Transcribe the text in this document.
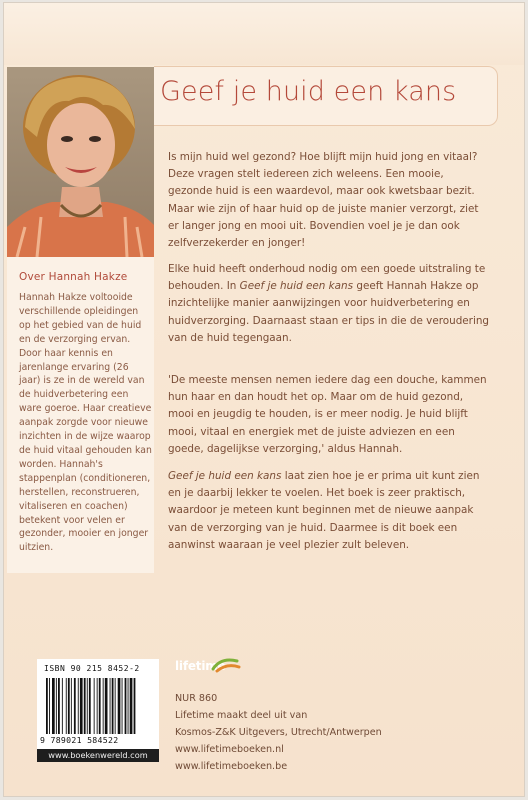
Over Hannah Hakze
Hannah Hakze voltooide verschillende opleidingen op het gebied van de huid en de verzorging ervan. Door haar kennis en jarenlange ervaring (26 jaar) is ze in de wereld van de huidverbetering een ware goeroe. Haar creatieve aanpak zorgde voor nieuwe inzichten in de wijze waarop de huid vitaal gehouden kan worden. Hannah's stappenplan (conditioneren, herstellen, reconstrueren, vitaliseren en coachen) betekent voor velen er gezonder, mooier en jonger uitzien.
Geef je huid een kans
Is mijn huid wel gezond? Hoe blijft mijn huid jong en vitaal? Deze vragen stelt iedereen zich weleens. Een mooie, gezonde huid is een waardevol, maar ook kwetsbaar bezit. Maar wie zijn of haar huid op de juiste manier verzorgt, ziet er langer jong en mooi uit. Bovendien voel je je dan ook zelfverzekerder en jonger!
Elke huid heeft onderhoud nodig om een goede uitstraling te behouden. In Geef je huid een kans geeft Hannah Hakze op inzichtelijke manier aanwijzingen voor huidverbetering en huidverzorging. Daarnaast staan er tips in die de veroudering van de huid tegengaan.
'De meeste mensen nemen iedere dag een douche, kammen hun haar en dan houdt het op. Maar om de huid gezond, mooi en jeugdig te houden, is er meer nodig. Je huid blijft mooi, vitaal en energiek met de juiste adviezen en een goede, dagelijkse verzorging,' aldus Hannah.
Geef je huid een kans laat zien hoe je er prima uit kunt zien en je daarbij lekker te voelen. Het boek is zeer praktisch, waardoor je meteen kunt beginnen met de nieuwe aanpak van de verzorging van je huid. Daarmee is dit boek een aanwinst waaraan je veel plezier zult beleven.
ISBN 90 215 8452-2
9 789021 584522
www.boekenwereld.com
lifetime
NUR 860
Lifetime maakt deel uit van
Kosmos-Z&K Uitgevers, Utrecht/Antwerpen
www.lifetimeboeken.nl
www.lifetimeboeken.be
